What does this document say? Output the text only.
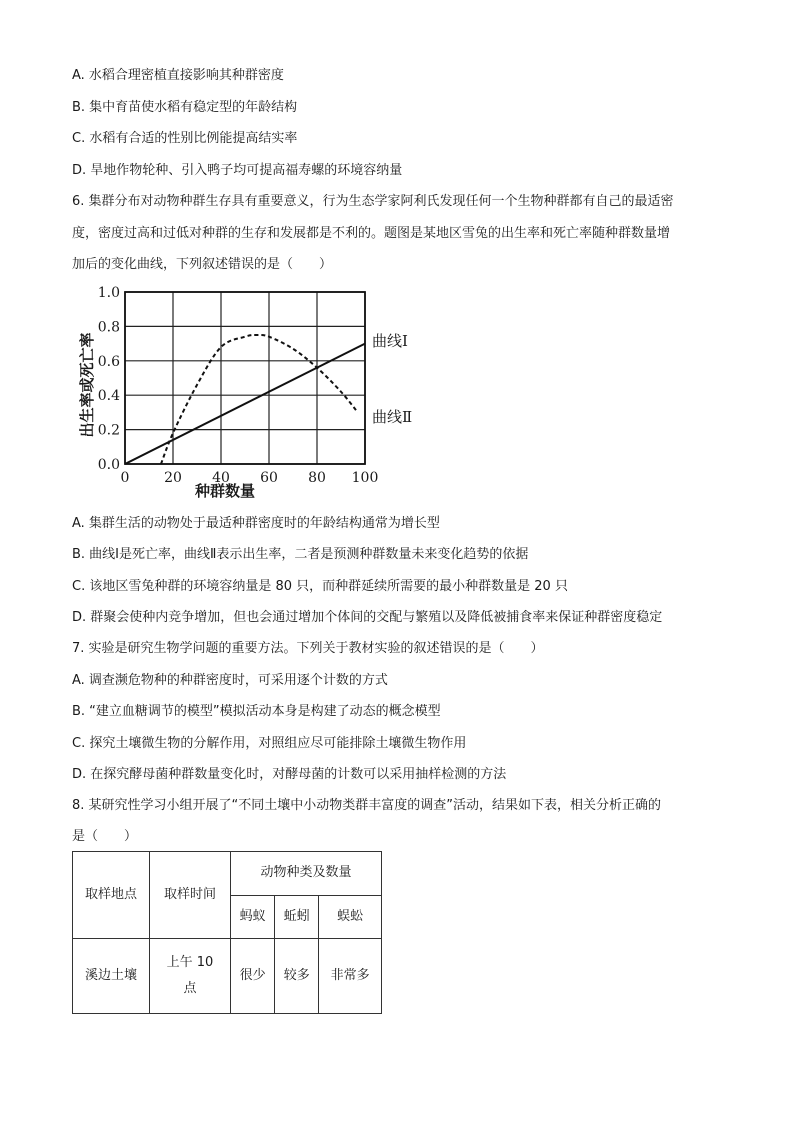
A. 水稻合理密植直接影响其种群密度
B. 集中育苗使水稻有稳定型的年龄结构
C. 水稻有合适的性别比例能提高结实率
D. 旱地作物轮种、引入鸭子均可提高福寿螺的环境容纳量
6. 集群分布对动物种群生存具有重要意义，行为生态学家阿利氏发现任何一个生物种群都有自己的最适密
度，密度过高和过低对种群的生存和发展都是不利的。题图是某地区雪兔的出生率和死亡率随种群数量增
加后的变化曲线，下列叙述错误的是（　　）
0 20 40 60 80 100
0.0
0.2
0.4
0.6
0.8
1.0
种群数量
出生率或死亡率	曲线Ⅰ
曲线Ⅱ
A. 集群生活的动物处于最适种群密度时的年龄结构通常为增长型
B. 曲线Ⅰ是死亡率，曲线Ⅱ表示出生率，二者是预测种群数量未来变化趋势的依据
C. 该地区雪兔种群的环境容纳量是 80 只，而种群延续所需要的最小种群数量是 20 只
D. 群聚会使种内竞争增加，但也会通过增加个体间的交配与繁殖以及降低被捕食率来保证种群密度稳定
7. 实验是研究生物学问题的重要方法。下列关于教材实验的叙述错误的是（　　）
A. 调查濒危物种的种群密度时，可采用逐个计数的方式
B. “建立血糖调节的模型”模拟活动本身是构建了动态的概念模型
C. 探究土壤微生物的分解作用，对照组应尽可能排除土壤微生物作用
D. 在探究酵母菌种群数量变化时，对酵母菌的计数可以采用抽样检测的方法
8. 某研究性学习小组开展了“不同土壤中小动物类群丰富度的调查”活动，结果如下表，相关分析正确的
是（　　）
取样地点	取样时间	动物种类及数量		
		蚂蚁	蚯蚓	蜈蚣
溪边土壤	上午 10
点	很少	较多	非常多
